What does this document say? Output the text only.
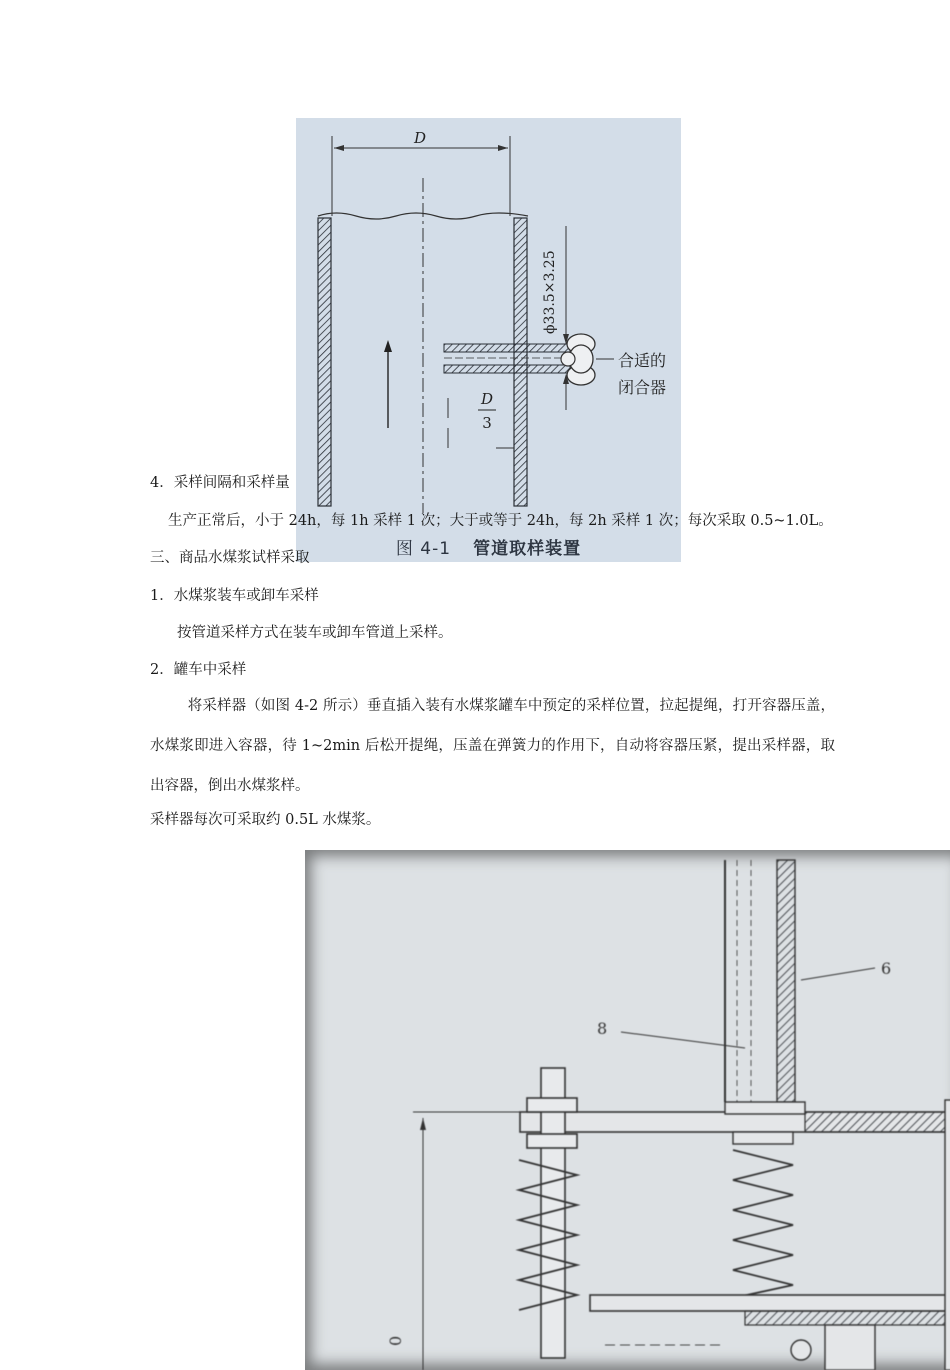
ϕ33.5×3.25
D
合适的
闭合器
D
3
图 4-1 管道取样装置
4．采样间隔和采样量
生产正常后，小于 24h，每 1h 采样 1 次；大于或等于 24h，每 2h 采样 1 次；每次采取 0.5~1.0L。
三、商品水煤浆试样采取
1．水煤浆装车或卸车采样
按管道采样方式在装车或卸车管道上采样。
2．罐车中采样
将采样器（如图 4-2 所示）垂直插入装有水煤浆罐车中预定的采样位置，拉起提绳，打开容器压盖，水煤浆即进入容器，待 1~2min 后松开提绳，压盖在弹簧力的作用下，自动将容器压紧，提出采样器，取出容器，倒出水煤浆样。
采样器每次可采取约 0.5L 水煤浆。
6
8
0
